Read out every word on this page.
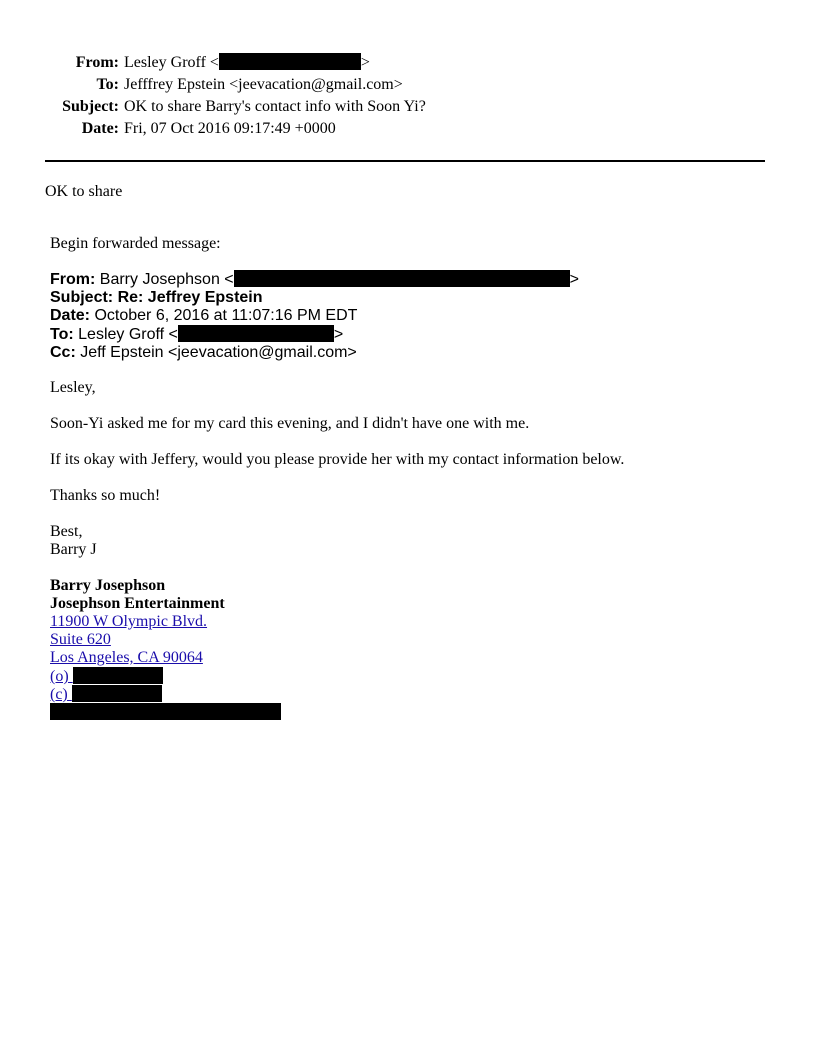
From: Lesley Groff <	>
To: Jefffrey Epstein <jeevacation@gmail.com>
Subject: OK to share Barry's contact info with Soon Yi?
Date: Fri, 07 Oct 2016 09:17:49 +0000
OK to share
Begin forwarded message:
From: Barry Josephson <	>
Subject: Re: Jeffrey Epstein
Date: October 6, 2016 at 11:07:16 PM EDT
To: Lesley Groff <	>
Cc: Jeff Epstein <jeevacation@gmail.com>
Lesley,
Soon-Yi asked me for my card this evening, and I didn't have one with me.
If its okay with Jeffery, would you please provide her with my contact information below.
Thanks so much!
Best,
Barry J
Barry Josephson
Josephson Entertainment
11900 W Olympic Blvd.
Suite 620
Los Angeles, CA 90064
(o)
(c)
